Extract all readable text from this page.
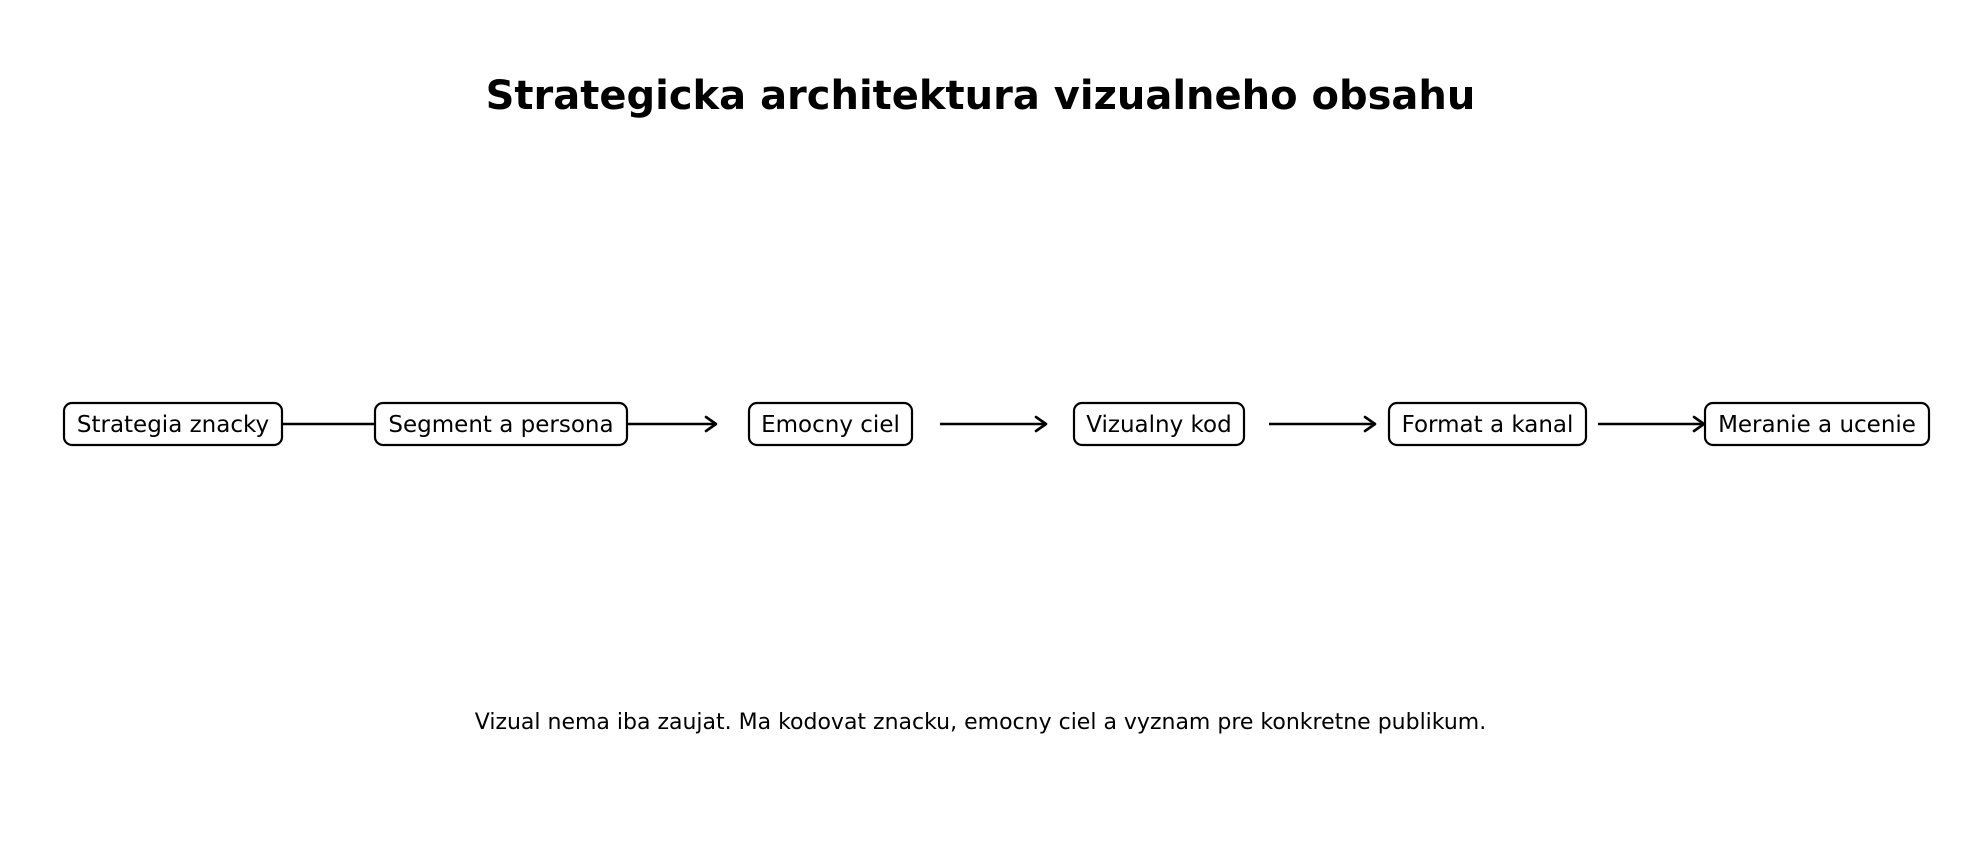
Strategicka architektura vizualneho obsahu
Strategia znacky	Segment a persona	Emocny ciel	Vizualny kod	Format a kanal	Meranie a ucenie
Vizual nema iba zaujat. Ma kodovat znacku, emocny ciel a vyznam pre konkretne publikum.
